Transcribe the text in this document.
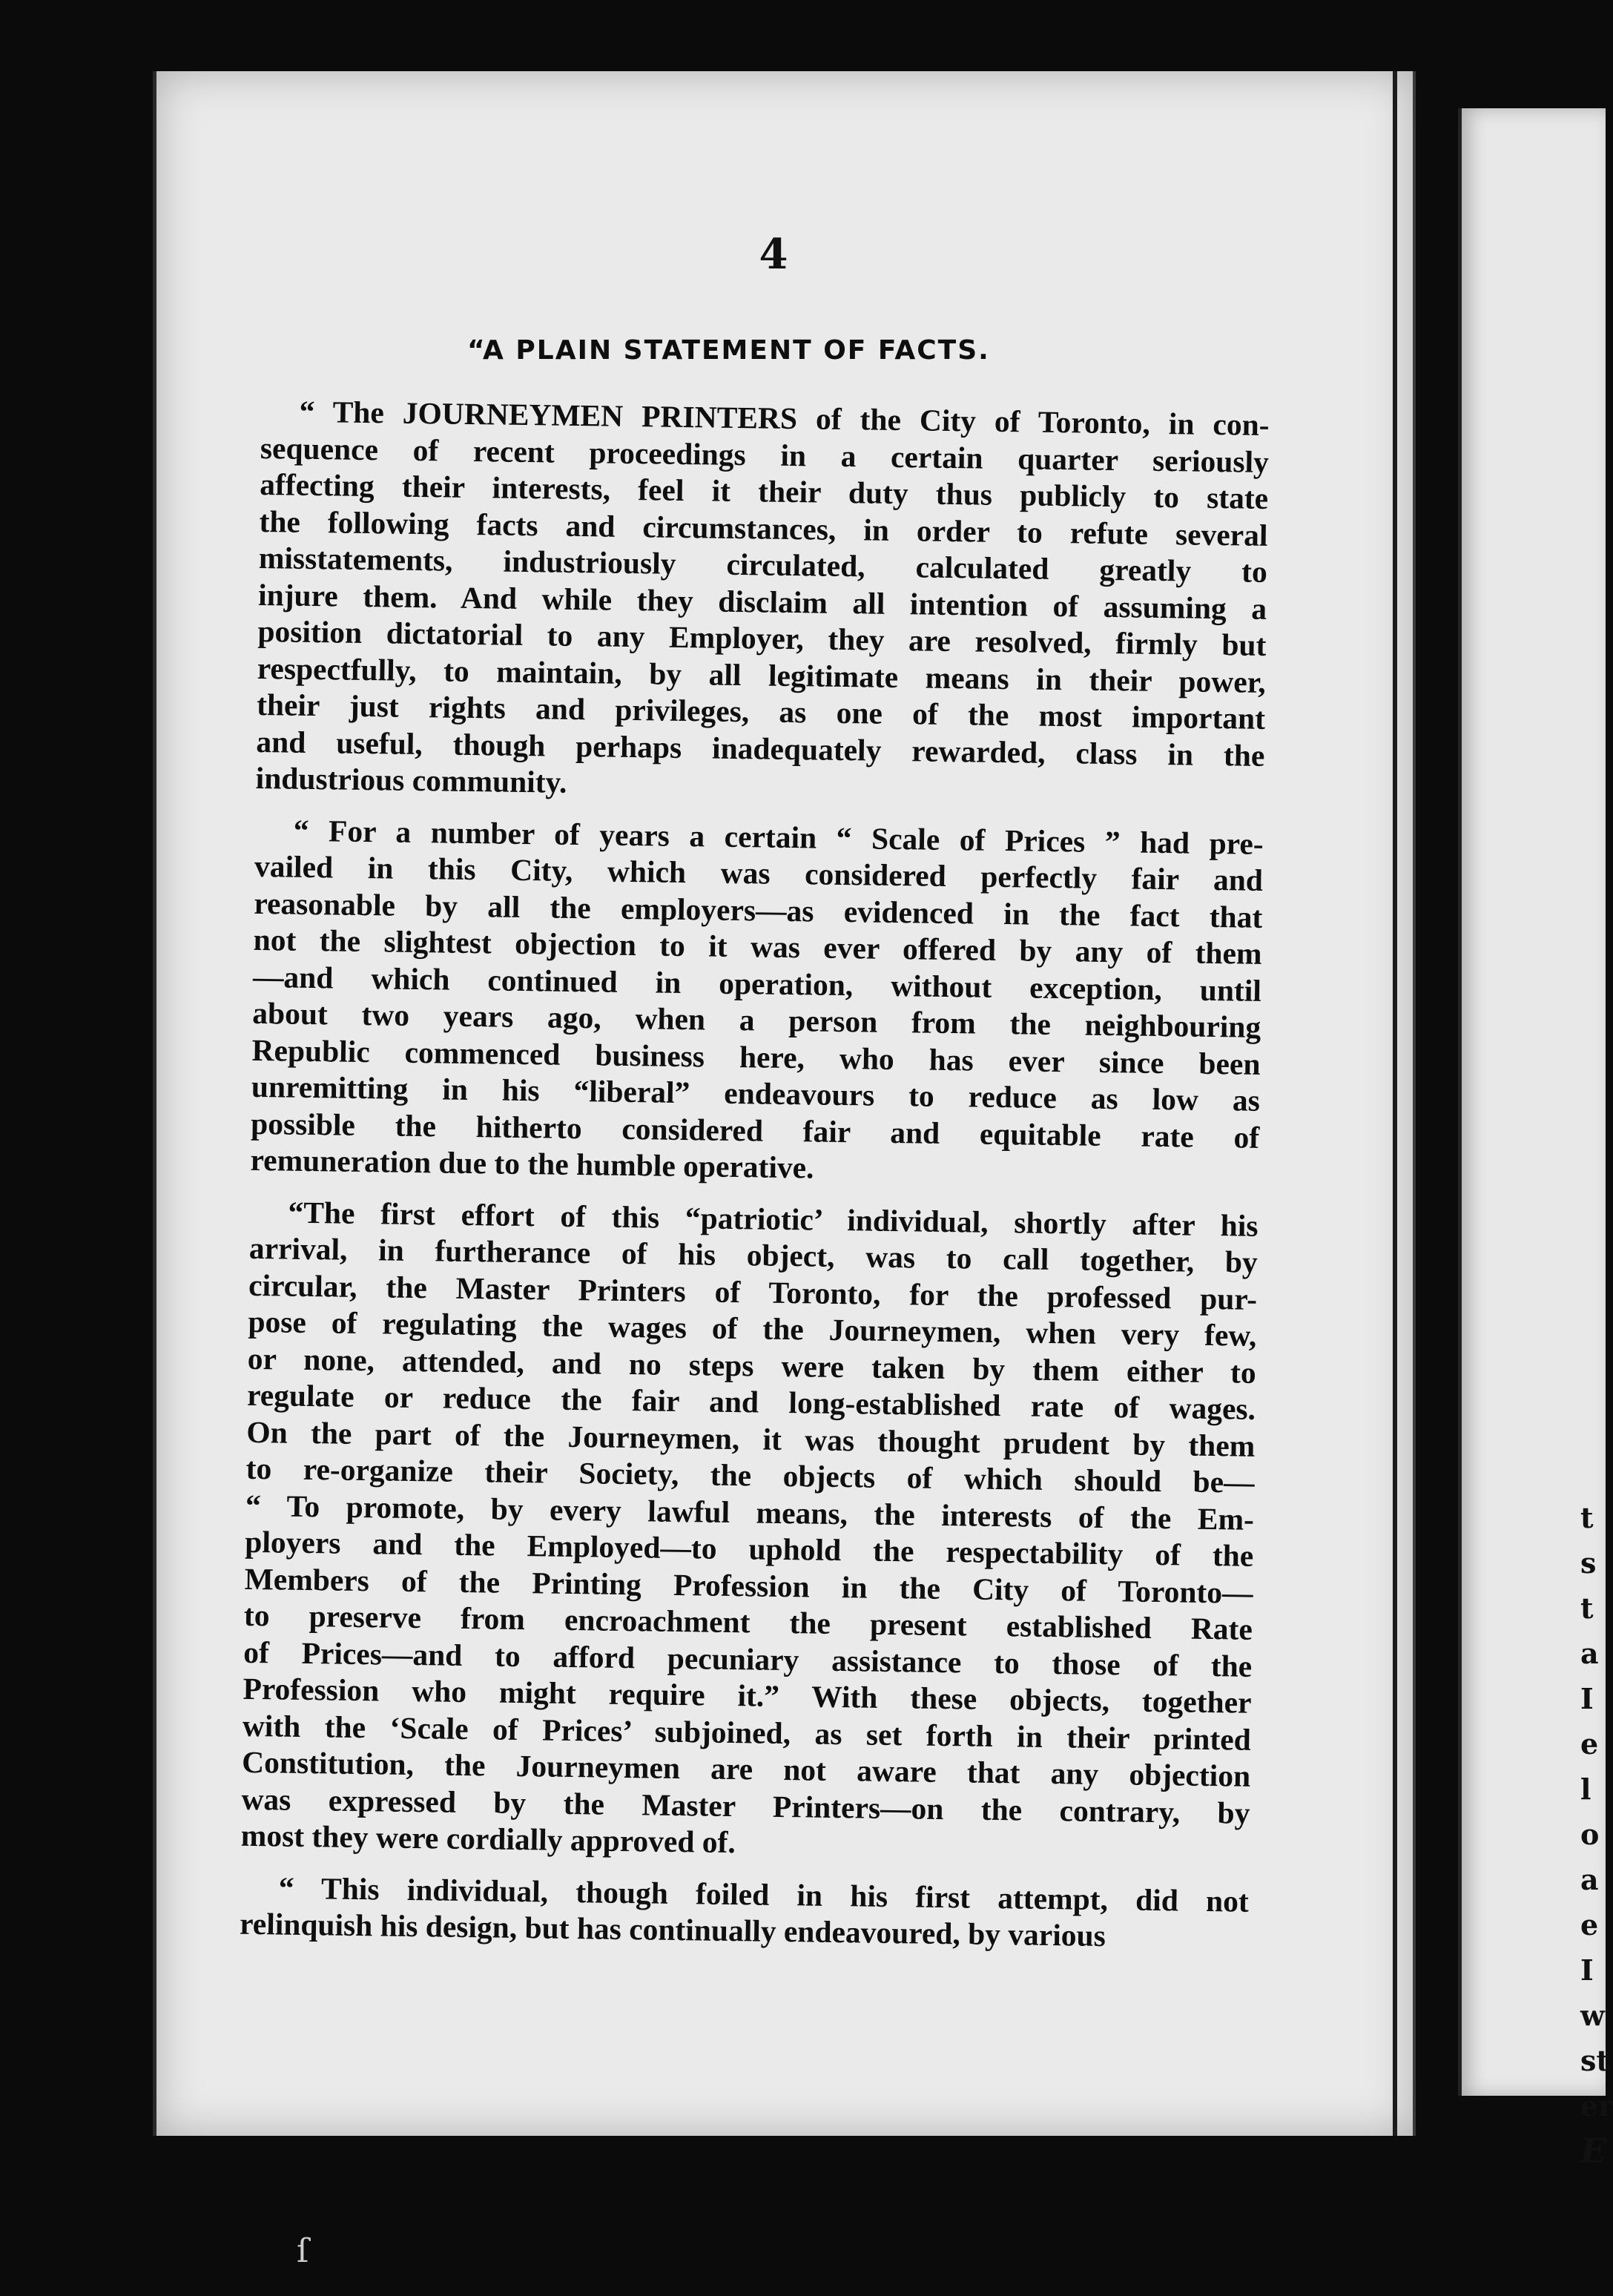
t
s
t
a
I
e
l
o
a
e
I
w
st
er
E
4
“A PLAIN STATEMENT OF FACTS.
“ The JOURNEYMEN PRINTERS of the City of Toronto, in con-
sequence of recent proceedings in a certain quarter seriously
affecting their interests, feel it their duty thus publicly to state
the following facts and circumstances, in order to refute several
misstatements, industriously circulated, calculated greatly to
injure them. And while they disclaim all intention of assuming a
position dictatorial to any Employer, they are resolved, firmly but
respectfully, to maintain, by all legitimate means in their power,
their just rights and privileges, as one of the most important
and useful, though perhaps inadequately rewarded, class in the
industrious community.
“ For a number of years a certain “ Scale of Prices ” had pre-
vailed in this City, which was considered perfectly fair and
reasonable by all the employers—as evidenced in the fact that
not the slightest objection to it was ever offered by any of them
—and which continued in operation, without exception, until
about two years ago, when a person from the neighbouring
Republic commenced business here, who has ever since been
unremitting in his “liberal” endeavours to reduce as low as
possible the hitherto considered fair and equitable rate of
remuneration due to the humble operative.
“The first effort of this “patriotic’ individual, shortly after his
arrival, in furtherance of his object, was to call together, by
circular, the Master Printers of Toronto, for the professed pur-
pose of regulating the wages of the Journeymen, when very few,
or none, attended, and no steps were taken by them either to
regulate or reduce the fair and long-established rate of wages.
On the part of the Journeymen, it was thought prudent by them
to re-organize their Society, the objects of which should be—
“ To promote, by every lawful means, the interests of the Em-
ployers and the Employed—to uphold the respectability of the
Members of the Printing Profession in the City of Toronto—
to preserve from encroachment the present established Rate
of Prices—and to afford pecuniary assistance to those of the
Profession who might require it.” With these objects, together
with the ‘Scale of Prices’ subjoined, as set forth in their printed
Constitution, the Journeymen are not aware that any objection
was expressed by the Master Printers—on the contrary, by
most they were cordially approved of.
“ This individual, though foiled in his first attempt, did not
relinquish his design, but has continually endeavoured, by various
ſ
